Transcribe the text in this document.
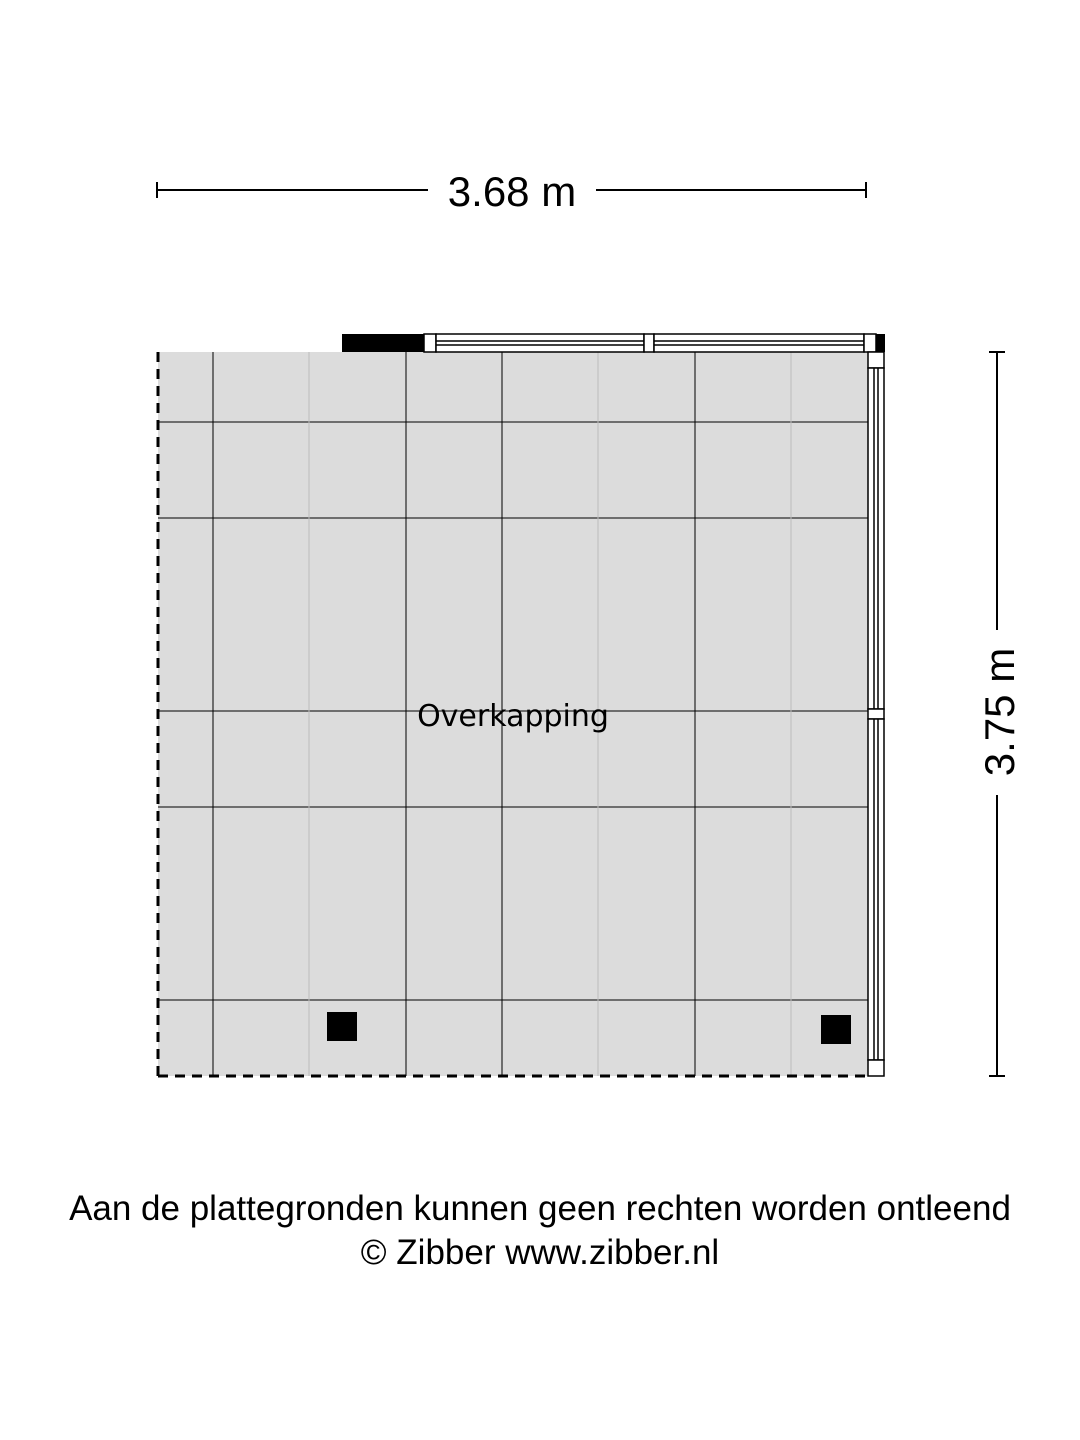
3.68 m
3.75 m
Overkapping
Aan de plattegronden kunnen geen rechten worden ontleend
© Zibber www.zibber.nl
